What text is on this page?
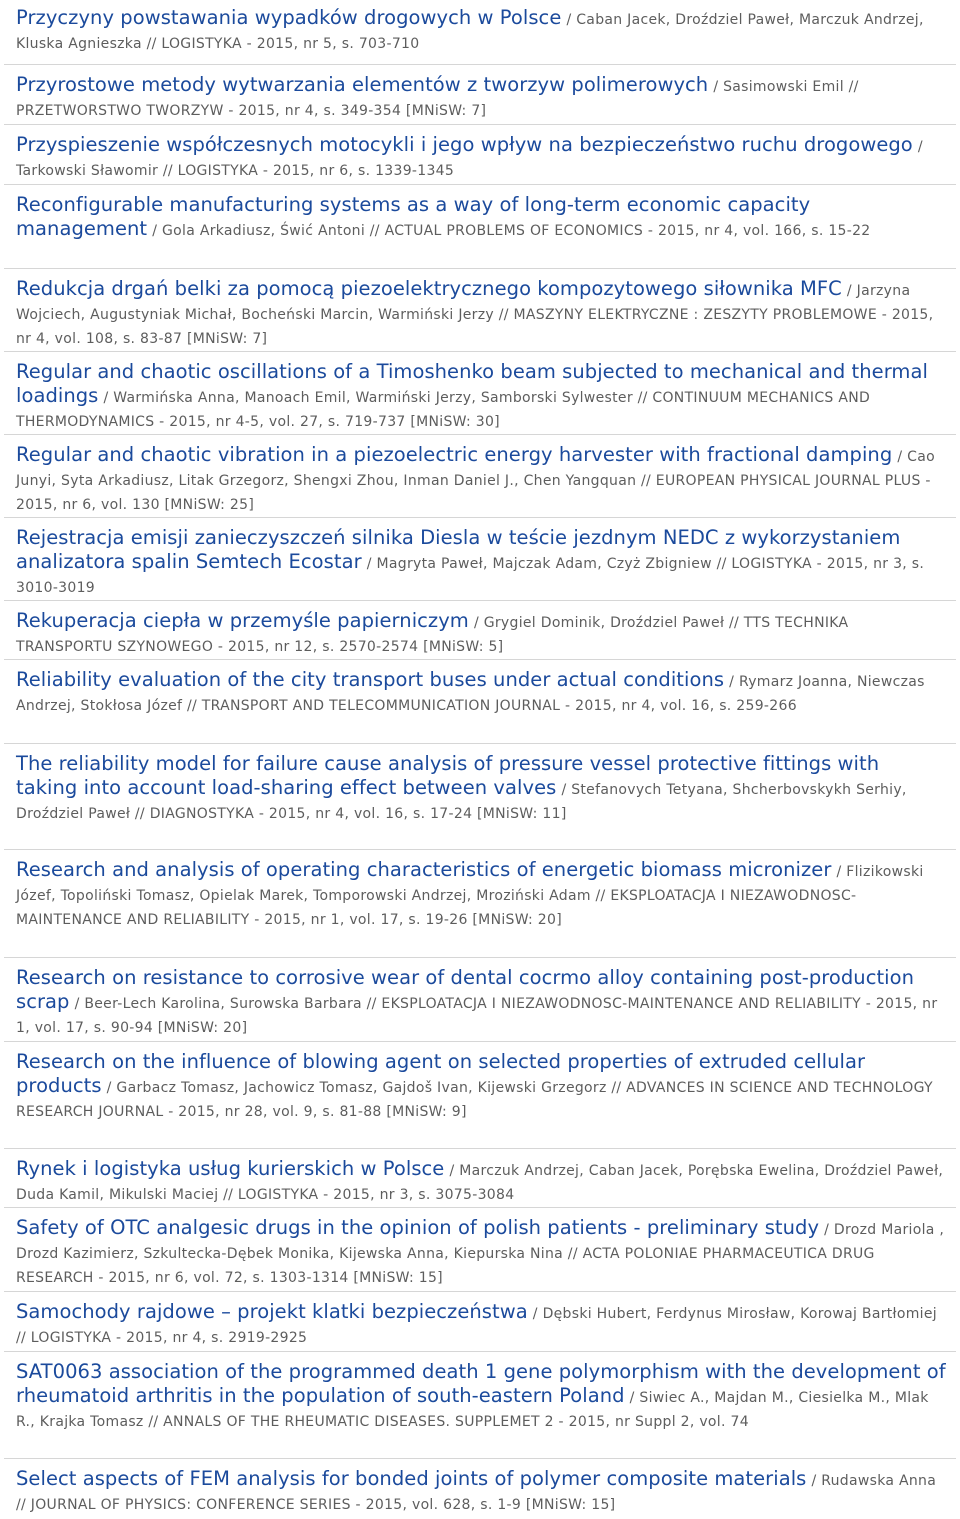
Przyczyny powstawania wypadków drogowych w Polsce / Caban Jacek, Droździel Paweł, Marczuk Andrzej, Kluska Agnieszka // LOGISTYKA - 2015, nr 5, s. 703-710
Przyrostowe metody wytwarzania elementów z tworzyw polimerowych / Sasimowski Emil // PRZETWORSTWO TWORZYW - 2015, nr 4, s. 349-354 [MNiSW: 7]
Przyspieszenie współczesnych motocykli i jego wpływ na bezpieczeństwo ruchu drogowego / Tarkowski Sławomir // LOGISTYKA - 2015, nr 6, s. 1339-1345
Reconfigurable manufacturing systems as a way of long-term economic capacity management / Gola Arkadiusz, Świć Antoni // ACTUAL PROBLEMS OF ECONOMICS - 2015, nr 4, vol. 166, s. 15-22
Redukcja drgań belki za pomocą piezoelektrycznego kompozytowego siłownika MFC / Jarzyna Wojciech, Augustyniak Michał, Bocheński Marcin, Warmiński Jerzy // MASZYNY ELEKTRYCZNE : ZESZYTY PROBLEMOWE - 2015, nr 4, vol. 108, s. 83-87 [MNiSW: 7]
Regular and chaotic oscillations of a Timoshenko beam subjected to mechanical and thermal loadings / Warmińska Anna, Manoach Emil, Warmiński Jerzy, Samborski Sylwester // CONTINUUM MECHANICS AND THERMODYNAMICS - 2015, nr 4-5, vol. 27, s. 719-737 [MNiSW: 30]
Regular and chaotic vibration in a piezoelectric energy harvester with fractional damping / Cao Junyi, Syta Arkadiusz, Litak Grzegorz, Shengxi Zhou, Inman Daniel J., Chen Yangquan // EUROPEAN PHYSICAL JOURNAL PLUS - 2015, nr 6, vol. 130 [MNiSW: 25]
Rejestracja emisji zanieczyszczeń silnika Diesla w teście jezdnym NEDC z wykorzystaniem analizatora spalin Semtech Ecostar / Magryta Paweł, Majczak Adam, Czyż Zbigniew // LOGISTYKA - 2015, nr 3, s. 3010-3019
Rekuperacja ciepła w przemyśle papierniczym / Grygiel Dominik, Droździel Paweł // TTS TECHNIKA TRANSPORTU SZYNOWEGO - 2015, nr 12, s. 2570-2574 [MNiSW: 5]
Reliability evaluation of the city transport buses under actual conditions / Rymarz Joanna, Niewczas Andrzej, Stokłosa Józef // TRANSPORT AND TELECOMMUNICATION JOURNAL - 2015, nr 4, vol. 16, s. 259-266
The reliability model for failure cause analysis of pressure vessel protective fittings with taking into account load-sharing effect between valves / Stefanovych Tetyana, Shcherbovskykh Serhiy, Droździel Paweł // DIAGNOSTYKA - 2015, nr 4, vol. 16, s. 17-24 [MNiSW: 11]
Research and analysis of operating characteristics of energetic biomass micronizer / Flizikowski Józef, Topoliński Tomasz, Opielak Marek, Tomporowski Andrzej, Mroziński Adam // EKSPLOATACJA I NIEZAWODNOSC-MAINTENANCE AND RELIABILITY - 2015, nr 1, vol. 17, s. 19-26 [MNiSW: 20]
Research on resistance to corrosive wear of dental cocrmo alloy containing post-production scrap / Beer-Lech Karolina, Surowska Barbara // EKSPLOATACJA I NIEZAWODNOSC-MAINTENANCE AND RELIABILITY - 2015, nr 1, vol. 17, s. 90-94 [MNiSW: 20]
Research on the influence of blowing agent on selected properties of extruded cellular products / Garbacz Tomasz, Jachowicz Tomasz, Gajdoš Ivan, Kijewski Grzegorz // ADVANCES IN SCIENCE AND TECHNOLOGY RESEARCH JOURNAL - 2015, nr 28, vol. 9, s. 81-88 [MNiSW: 9]
Rynek i logistyka usług kurierskich w Polsce / Marczuk Andrzej, Caban Jacek, Porębska Ewelina, Droździel Paweł, Duda Kamil, Mikulski Maciej // LOGISTYKA - 2015, nr 3, s. 3075-3084
Safety of OTC analgesic drugs in the opinion of polish patients - preliminary study / Drozd Mariola , Drozd Kazimierz, Szkultecka-Dębek Monika, Kijewska Anna, Kiepurska Nina // ACTA POLONIAE PHARMACEUTICA DRUG RESEARCH - 2015, nr 6, vol. 72, s. 1303-1314 [MNiSW: 15]
Samochody rajdowe – projekt klatki bezpieczeństwa / Dębski Hubert, Ferdynus Mirosław, Korowaj Bartłomiej // LOGISTYKA - 2015, nr 4, s. 2919-2925
SAT0063 association of the programmed death 1 gene polymorphism with the development of rheumatoid arthritis in the population of south-eastern Poland / Siwiec A., Majdan M., Ciesielka M., Mlak R., Krajka Tomasz // ANNALS OF THE RHEUMATIC DISEASES. SUPPLEMET 2 - 2015, nr Suppl 2, vol. 74
Select aspects of FEM analysis for bonded joints of polymer composite materials / Rudawska Anna // JOURNAL OF PHYSICS: CONFERENCE SERIES - 2015, vol. 628, s. 1-9 [MNiSW: 15]
